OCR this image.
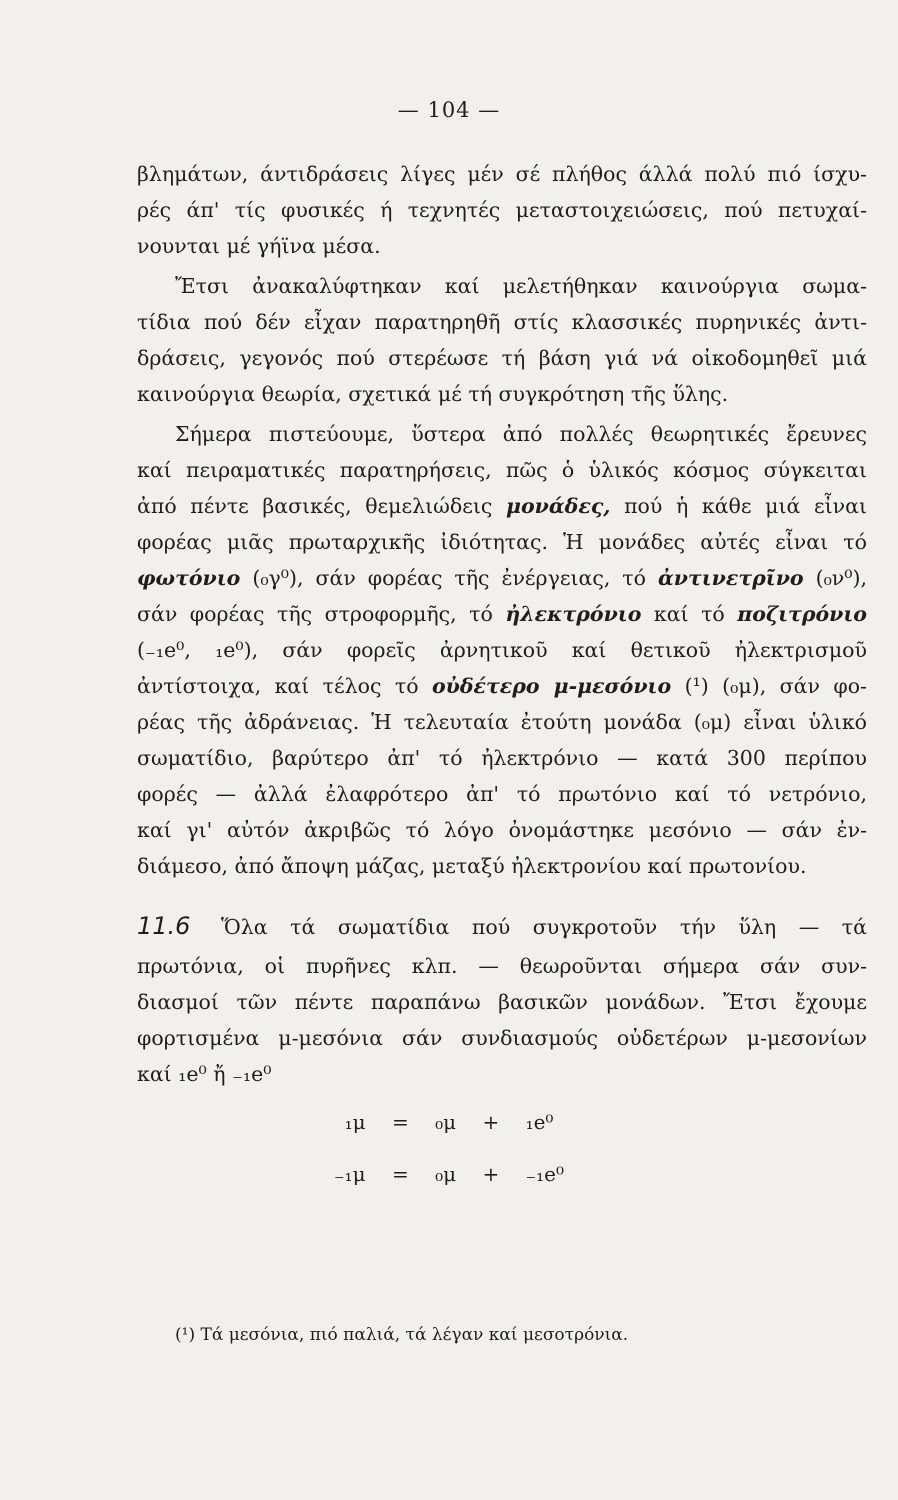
— 104 —
βλημάτων, άντιδράσεις λίγες μέν σέ πλήθος άλλά πολύ πιό ίσχυ-
ρές άπ' τίς φυσικές ή τεχνητές μεταστοιχειώσεις, πού πετυχαί-
νουνται μέ γήϊνα μέσα.
Ἔτσι ἀνακαλύφτηκαν καί μελετήθηκαν καινούργια σωμα-
τίδια πού δέν εἶχαν παρατηρηθῆ στίς κλασσικές πυρηνικές ἀντι-
δράσεις, γεγονός πού στερέωσε τή βάση γιά νά οἰκοδομηθεῖ μιά
καινούργια θεωρία, σχετικά μέ τή συγκρότηση τῆς ὕλης.
Σήμερα πιστεύουμε, ὕστερα ἀπό πολλές θεωρητικές ἔρευνες
καί πειραματικές παρατηρήσεις, πῶς ὁ ὑλικός κόσμος σύγκειται
ἀπό πέντε βασικές, θεμελιώδεις μονάδες, πού ἡ κάθε μιά εἶναι
φορέας μιᾶς πρωταρχικῆς ἰδιότητας. Ἡ μονάδες αὐτές εἶναι τό
φωτόνιο (₀γ⁰), σάν φορέας τῆς ἐνέργειας, τό ἀντινετρῖνο (₀ν⁰),
σάν φορέας τῆς στροφορμῆς, τό ἠλεκτρόνιο καί τό ποζιτρόνιο
(₋₁e⁰, ₁e⁰), σάν φορεῖς ἀρνητικοῦ καί θετικοῦ ἠλεκτρισμοῦ
ἀντίστοιχα, καί τέλος τό οὐδέτερο μ-μεσόνιο (¹) (₀μ), σάν φο-
ρέας τῆς ἀδράνειας. Ἡ τελευταία ἐτούτη μονάδα (₀μ) εἶναι ὑλικό
σωματίδιο, βαρύτερο ἀπ' τό ἠλεκτρόνιο — κατά 300 περίπου
φορές — ἀλλά ἐλαφρότερο ἀπ' τό πρωτόνιο καί τό νετρόνιο,
καί γι' αὐτόν ἀκριβῶς τό λόγο ὀνομάστηκε μεσόνιο — σάν ἐν-
διάμεσο, ἀπό ἄποψη μάζας, μεταξύ ἠλεκτρονίου καί πρωτονίου.
11.6 Ὅλα τά σωματίδια πού συγκροτοῦν τήν ὕλη — τά
πρωτόνια, οἱ πυρῆνες κλπ. — θεωροῦνται σήμερα σάν συν-
διασμοί τῶν πέντε παραπάνω βασικῶν μονάδων. Ἔτσι ἔχουμε
φορτισμένα μ-μεσόνια σάν συνδιασμούς οὐδετέρων μ-μεσονίων
καί ₁e⁰ ἤ ₋₁e⁰
₁μ = ₀μ + ₁e⁰
₋₁μ = ₀μ + ₋₁e⁰
(¹) Τά μεσόνια, πιό παλιά, τά λέγαν καί μεσοτρόνια.
